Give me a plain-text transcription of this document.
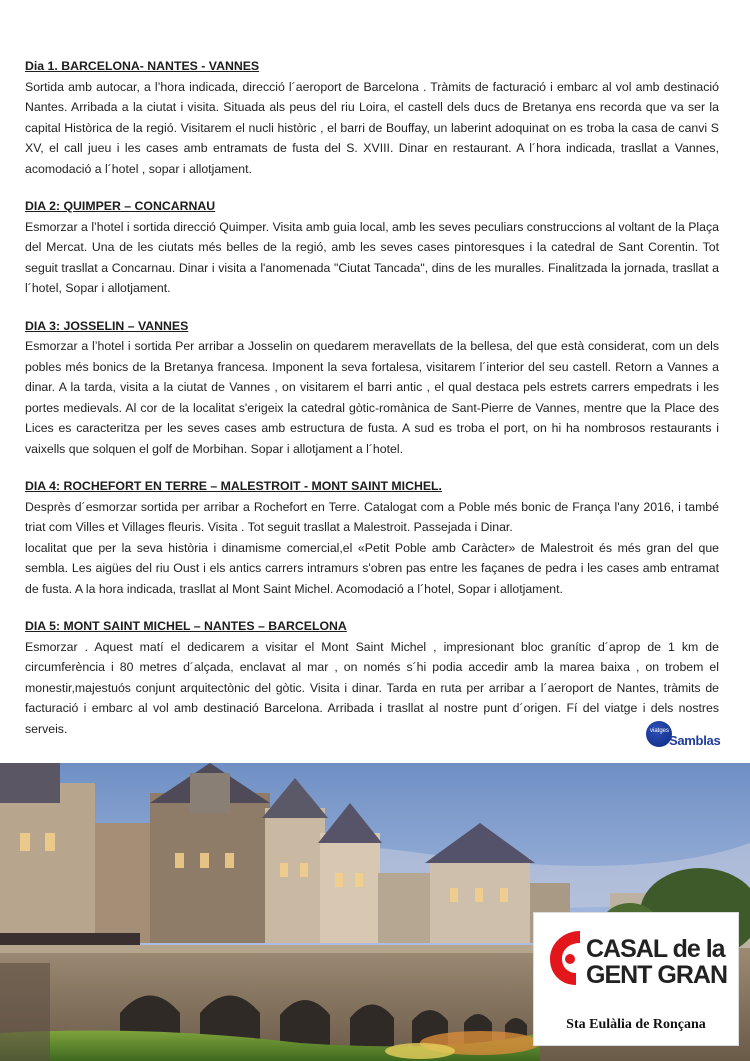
Dia 1. BARCELONA- NANTES - VANNES

Sortida amb autocar, a l’hora indicada, direcció l´aeroport de Barcelona . Tràmits de facturació i embarc al vol amb destinació Nantes. Arribada a la ciutat i visita. Situada als peus del riu Loira, el castell dels ducs de Bretanya ens recorda que va ser la capital Històrica de la regió. Visitarem el nucli històric , el barri de Bouffay, un laberint adoquinat on es troba la casa de canvi S XV, el call jueu i les cases amb entramats de fusta del S. XVIII. Dinar en restaurant. A l´hora indicada, trasllat a Vannes, acomodació a l´hotel , sopar i allotjament.

DIA 2: QUIMPER – CONCARNAU

Esmorzar a l’hotel i sortida direcció Quimper. Visita amb guia local, amb les seves peculiars construccions al voltant de la Plaça del Mercat. Una de les ciutats més belles de la regió, amb les seves cases pintoresques i la catedral de Sant Corentin. Tot seguit trasllat a Concarnau. Dinar i visita a l'anomenada "Ciutat Tancada", dins de les muralles. Finalitzada la jornada, trasllat a l´hotel, Sopar i allotjament.

DIA 3: JOSSELIN – VANNES

Esmorzar a l’hotel i sortida Per arribar a Josselin on quedarem meravellats de la bellesa, del que està considerat, com un dels pobles més bonics de la Bretanya francesa. Imponent la seva fortalesa, visitarem l´interior del seu castell. Retorn a Vannes a dinar. A la tarda, visita a la ciutat de Vannes , on visitarem el barri antic , el qual destaca pels estrets carrers empedrats i les portes medievals. Al cor de la localitat s'erigeix la catedral gòtic-romànica de Sant-Pierre de Vannes, mentre que la Place des Lices es caracteritza per les seves cases amb estructura de fusta. A sud es troba el port, on hi ha nombrosos restaurants i vaixells que solquen el golf de Morbihan. Sopar i allotjament a l´hotel.

DIA 4: ROCHEFORT EN TERRE – MALESTROIT - MONT SAINT MICHEL.

Desprès d´esmorzar sortida per arribar a Rochefort en Terre. Catalogat com a Poble més bonic de França l'any 2016, i també triat com Villes et Villages fleuris. Visita . Tot seguit trasllat a Malestroit. Passejada i Dinar.

localitat que per la seva història i dinamisme comercial,el «Petit Poble amb Caràcter» de Malestroit és més gran del que sembla. Les aigües del riu Oust i els antics carrers intramurs s'obren pas entre les façanes de pedra i les cases amb entramat de fusta. A la hora indicada, trasllat al Mont Saint Michel. Acomodació a l´hotel, Sopar i allotjament.

DIA 5: MONT SAINT MICHEL – NANTES – BARCELONA

Esmorzar . Aquest matí el dedicarem a visitar el Mont Saint Michel , impresionant bloc granític d´aprop de 1 km de circumferència i 80 metres d´alçada, enclavat al mar , on només s´hi podia accedir amb la marea baixa , on trobem el monestir,majestuós conjunt arquitectònic del gòtic. Visita i dinar. Tarda en ruta per arribar a l´aeroport de Nantes, tràmits de facturació i embarc al vol amb destinació Barcelona. Arribada i trasllat al nostre punt d´origen. Fí del viatge i dels nostres serveis.	viatges
Samblas
CASAL de la
GENT GRAN
Sta Eulàlia de Ronçana
